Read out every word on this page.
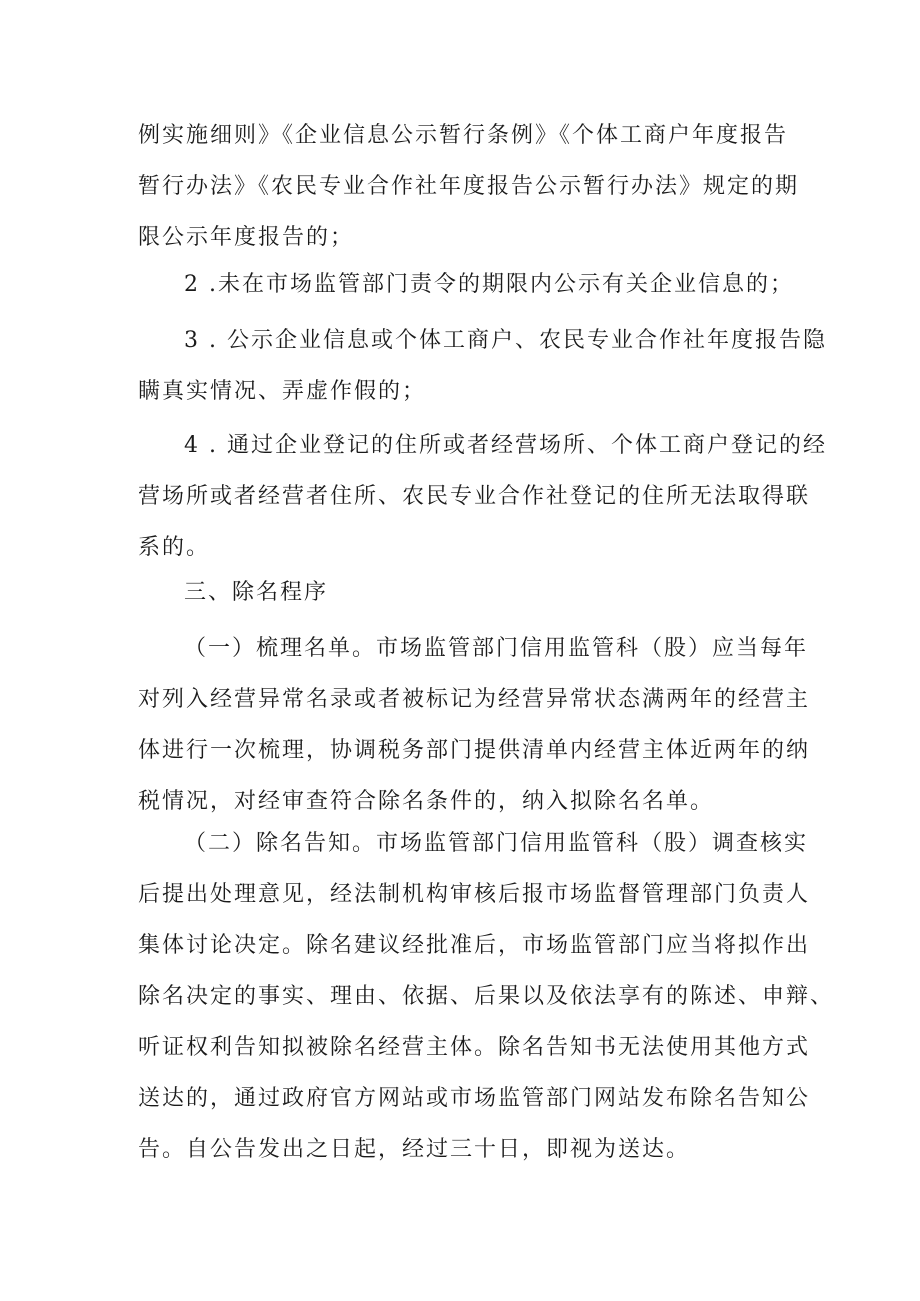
例实施细则》《企业信息公示暂行条例》《个体工商户年度报告
暂行办法》《农民专业合作社年度报告公示暂行办法》规定的期
限公示年度报告的；
2 .未在市场监管部门责令的期限内公示有关企业信息的；
3 . 公示企业信息或个体工商户、农民专业合作社年度报告隐
瞒真实情况、弄虚作假的；
4 . 通过企业登记的住所或者经营场所、个体工商户登记的经
营场所或者经营者住所、农民专业合作社登记的住所无法取得联
系的。
三、除名程序
（一）梳理名单。市场监管部门信用监管科（股）应当每年
对列入经营异常名录或者被标记为经营异常状态满两年的经营主
体进行一次梳理，协调税务部门提供清单内经营主体近两年的纳
税情况，对经审查符合除名条件的，纳入拟除名名单。
（二）除名告知。市场监管部门信用监管科（股）调查核实
后提出处理意见，经法制机构审核后报市场监督管理部门负责人
集体讨论决定。除名建议经批准后，市场监管部门应当将拟作出
除名决定的事实、理由、依据、后果以及依法享有的陈述、申辩、
听证权利告知拟被除名经营主体。除名告知书无法使用其他方式
送达的，通过政府官方网站或市场监管部门网站发布除名告知公
告。自公告发出之日起，经过三十日，即视为送达。
